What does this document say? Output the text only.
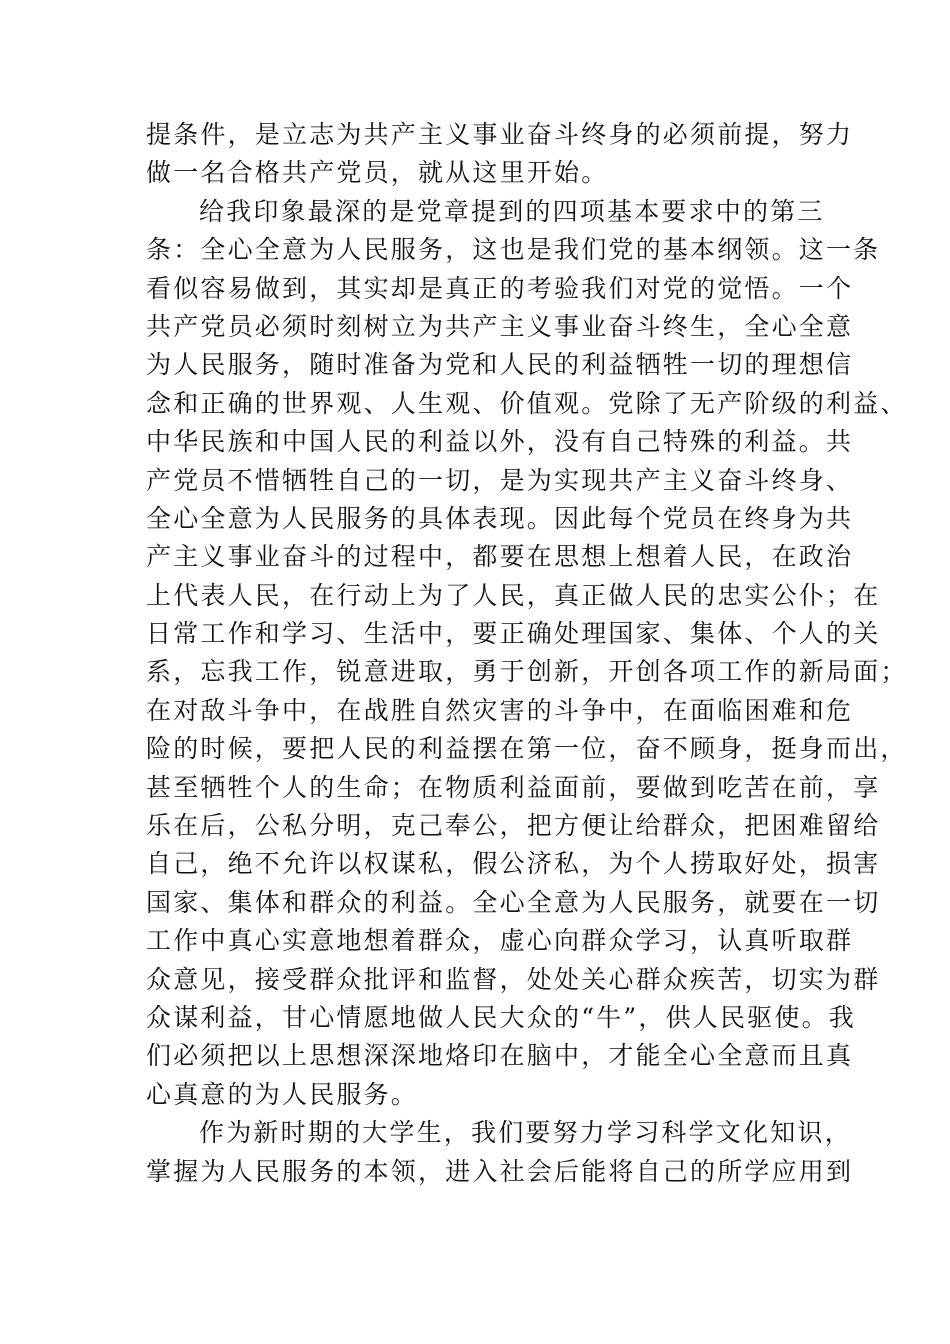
提条件，是立志为共产主义事业奋斗终身的必须前提，努力
做一名合格共产党员，就从这里开始。
给我印象最深的是党章提到的四项基本要求中的第三
条：全心全意为人民服务，这也是我们党的基本纲领。这一条
看似容易做到，其实却是真正的考验我们对党的觉悟。一个
共产党员必须时刻树立为共产主义事业奋斗终生，全心全意
为人民服务，随时准备为党和人民的利益牺牲一切的理想信
念和正确的世界观、人生观、价值观。党除了无产阶级的利益、
中华民族和中国人民的利益以外，没有自己特殊的利益。共
产党员不惜牺牲自己的一切，是为实现共产主义奋斗终身、
全心全意为人民服务的具体表现。因此每个党员在终身为共
产主义事业奋斗的过程中，都要在思想上想着人民，在政治
上代表人民，在行动上为了人民，真正做人民的忠实公仆；在
日常工作和学习、生活中，要正确处理国家、集体、个人的关
系，忘我工作，锐意进取，勇于创新，开创各项工作的新局面；
在对敌斗争中，在战胜自然灾害的斗争中，在面临困难和危
险的时候，要把人民的利益摆在第一位，奋不顾身，挺身而出，
甚至牺牲个人的生命；在物质利益面前，要做到吃苦在前，享
乐在后，公私分明，克己奉公，把方便让给群众，把困难留给
自己，绝不允许以权谋私，假公济私，为个人捞取好处，损害
国家、集体和群众的利益。全心全意为人民服务，就要在一切
工作中真心实意地想着群众，虚心向群众学习，认真听取群
众意见，接受群众批评和监督，处处关心群众疾苦，切实为群
众谋利益，甘心情愿地做人民大众的“牛”，供人民驱使。我
们必须把以上思想深深地烙印在脑中，才能全心全意而且真
心真意的为人民服务。
作为新时期的大学生，我们要努力学习科学文化知识，
掌握为人民服务的本领，进入社会后能将自己的所学应用到
